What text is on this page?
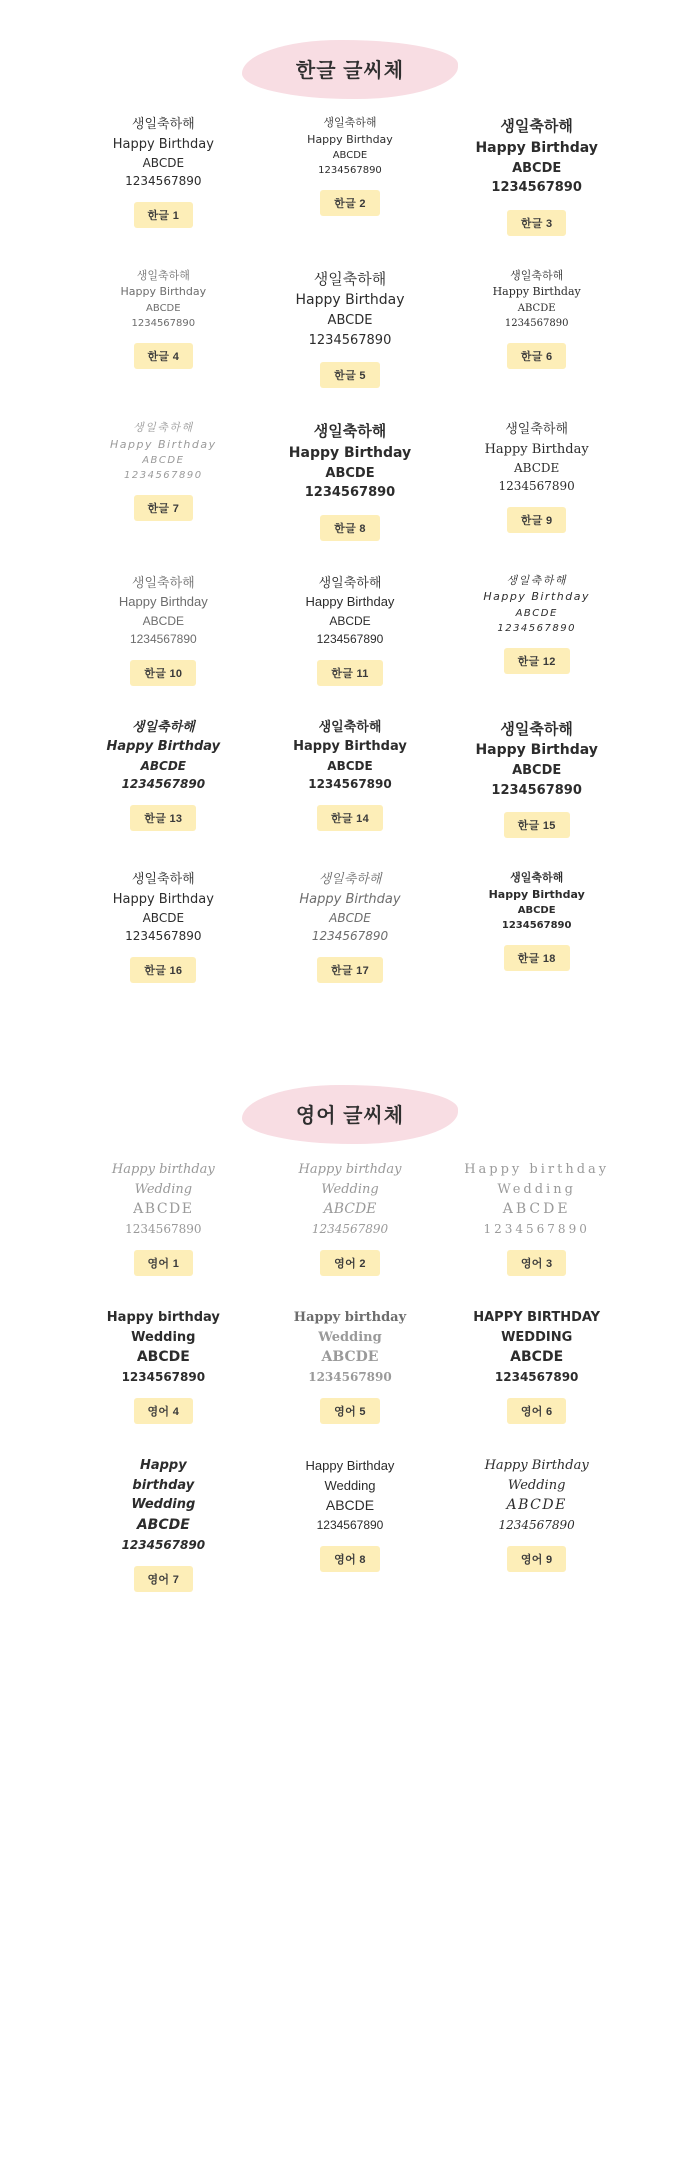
한글 글씨체
생일축하해
Happy Birthday
ABCDE
1234567890
한글 1
생일축하해
Happy Birthday
ABCDE
1234567890
한글 2
생일축하해
Happy Birthday
ABCDE
1234567890
한글 3
생일축하해
Happy Birthday
ABCDE
1234567890
한글 4
생일축하해
Happy Birthday
ABCDE
1234567890
한글 5
생일축하해
Happy Birthday
ABCDE
1234567890
한글 6
생일축하해
Happy Birthday
ABCDE
1234567890
한글 7
생일축하해
Happy Birthday
ABCDE
1234567890
한글 8
생일축하해
Happy Birthday
ABCDE
1234567890
한글 9
생일축하해
Happy Birthday
ABCDE
1234567890
한글 10
생일축하해
Happy Birthday
ABCDE
1234567890
한글 11
생일축하해
Happy Birthday
ABCDE
1234567890
한글 12
생일축하해
Happy Birthday
ABCDE
1234567890
한글 13
생일축하해
Happy Birthday
ABCDE
1234567890
한글 14
생일축하해
Happy Birthday
ABCDE
1234567890
한글 15
생일축하해
Happy Birthday
ABCDE
1234567890
한글 16
생일축하해
Happy Birthday
ABCDE
1234567890
한글 17
생일축하해
Happy Birthday
ABCDE
1234567890
한글 18
영어 글씨체
Happy birthday
Wedding
ABCDE
1234567890
영어 1
Happy birthday
Wedding
ABCDE
1234567890
영어 2
Happy birthday
Wedding
ABCDE
1234567890
영어 3
Happy birthday
Wedding
ABCDE
1234567890
영어 4
Happy birthday
Wedding
ABCDE
1234567890
영어 5
HAPPY BIRTHDAY
WEDDING
ABCDE
1234567890
영어 6
Happy
birthday
Wedding
ABCDE
1234567890
영어 7
Happy Birthday
Wedding
ABCDE
1234567890
영어 8
Happy Birthday
Wedding
ABCDE
1234567890
영어 9
